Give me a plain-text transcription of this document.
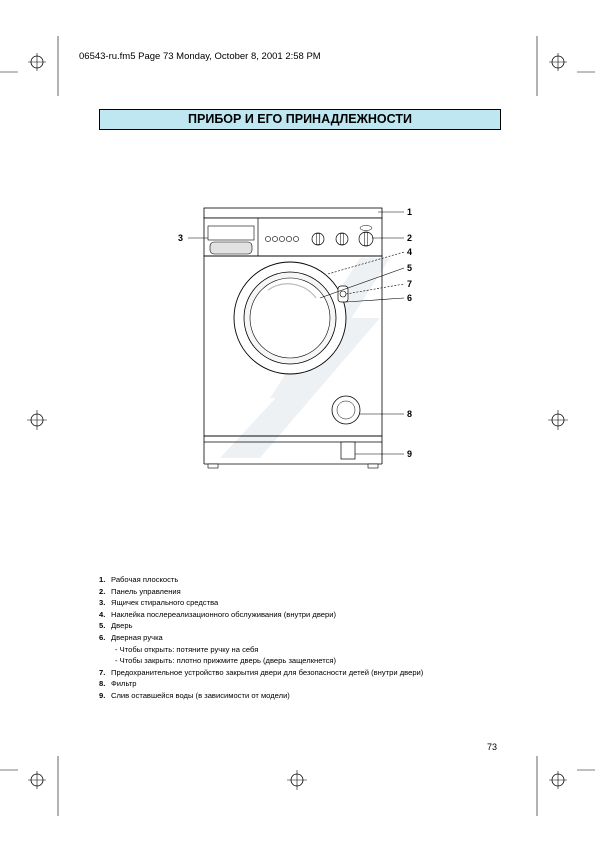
06543-ru.fm5 Page 73 Monday, October 8, 2001 2:58 PM
ПРИБОР И ЕГО ПРИНАДЛЕЖНОСТИ
1
2
3
4
5
7
6
8
9
1. Рабочая плоскость
2. Панель управления
3. Ящичек стирального средства
4. Наклейка послереализационного обслуживания (внутри двери)
5. Дверь
6. Дверная ручка
- Чтобы открыть: потяните ручку на себя
- Чтобы закрыть: плотно прижмите дверь (дверь защелкнется)
7. Предохранительное устройство закрытия двери для безопасности детей (внутри двери)
8. Фильтр
9. Слив оставшейся воды (в зависимости от модели)
73
